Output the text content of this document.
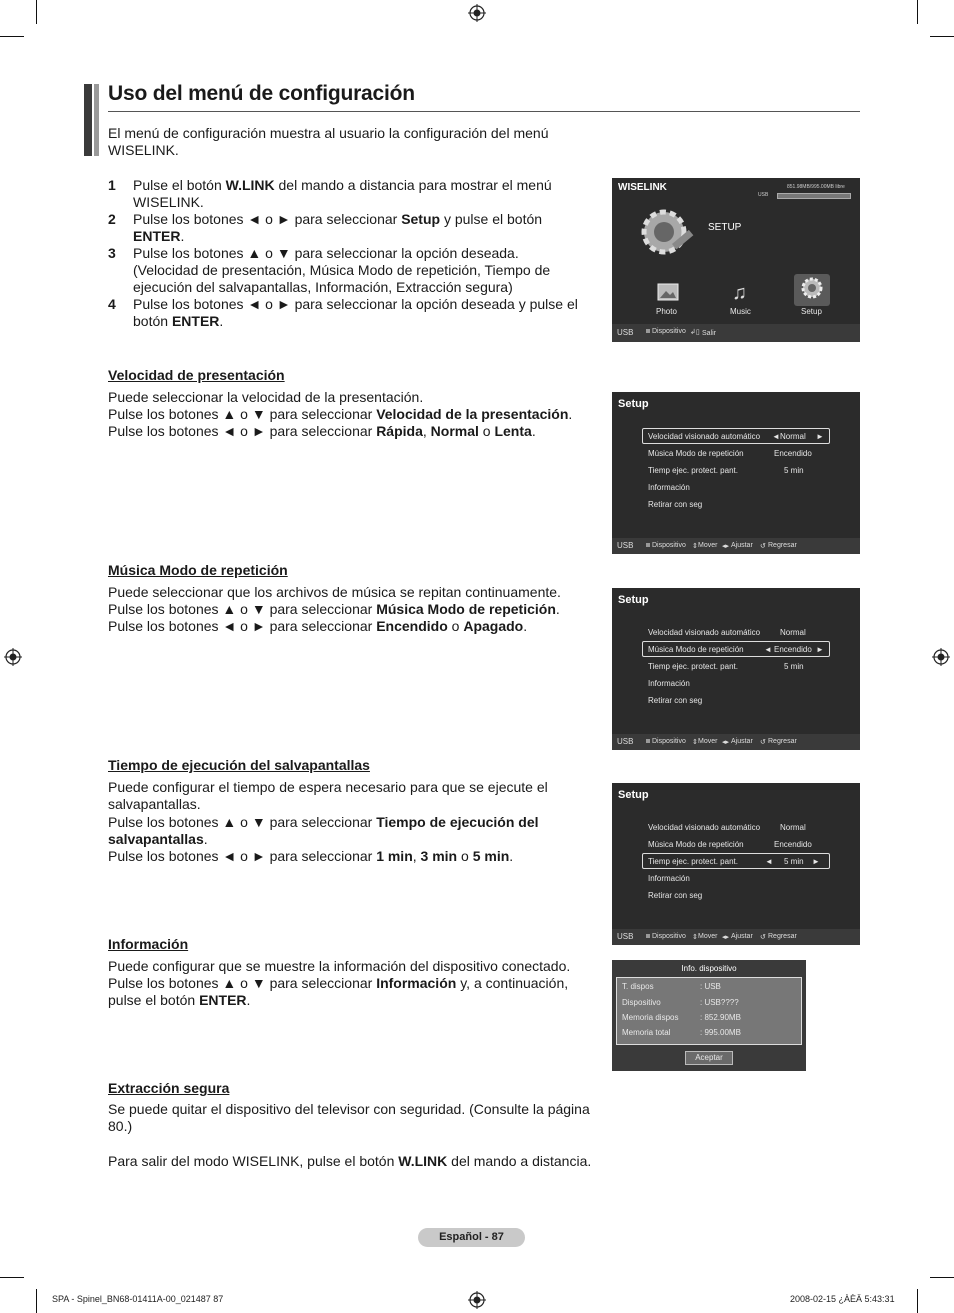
Uso del menú de configuración
El menú de configuración muestra al usuario la configuración del menú WISELINK.
1 Pulse el botón W.LINK del mando a distancia para mostrar el menú WISELINK.
2 Pulse los botones ◄ o ► para seleccionar Setup y pulse el botón ENTER.
3 Pulse los botones ▲ o ▼ para seleccionar la opción deseada. (Velocidad de presentación, Música Modo de repetición, Tiempo de ejecución del salvapantallas, Información, Extracción segura)
4 Pulse los botones ◄ o ► para seleccionar la opción deseada y pulse el botón ENTER.
WISELINK	851.98MB/995.00MB libre
USB
SETUP
Photo
♫
Music	Setup
USB	Dispositivo ↲▯ Salir
Velocidad de presentación
Puede seleccionar la velocidad de la presentación.
Pulse los botones ▲ o ▼ para seleccionar Velocidad de la presentación.
Pulse los botones ◄ o ► para seleccionar Rápida, Normal o Lenta.
Setup
Velocidad visionado automático ◄ Normal ►
Música Modo de repetición	Encendido
Tiemp ejec. protect. pant.	5 min
Información
Retirar con seg
USB	Dispositivo ⇕ Mover ◂▸ Ajustar ↺ Regresar
Música Modo de repetición
Puede seleccionar que los archivos de música se repitan continuamente.
Pulse los botones ▲ o ▼ para seleccionar Música Modo de repetición.
Pulse los botones ◄ o ► para seleccionar Encendido o Apagado.
Setup
Velocidad visionado automático Normal
Música Modo de repetición	◄ Encendido ►
Tiemp ejec. protect. pant.	5 min
Información
Retirar con seg
USB	Dispositivo ⇕ Mover ◂▸ Ajustar ↺ Regresar
Tiempo de ejecución del salvapantallas
Puede configurar el tiempo de espera necesario para que se ejecute el salvapantallas.
Pulse los botones ▲ o ▼ para seleccionar Tiempo de ejecución del salvapantallas.
Pulse los botones ◄ o ► para seleccionar 1 min, 3 min o 5 min.
Setup
Velocidad visionado automático Normal
Música Modo de repetición	Encendido
Tiemp ejec. protect. pant.	◄ 5 min ►
Información
Retirar con seg
USB	Dispositivo ⇕ Mover ◂▸ Ajustar ↺ Regresar
Información
Puede configurar que se muestre la información del dispositivo conectado.
Pulse los botones ▲ o ▼ para seleccionar Información y, a continuación, pulse el botón ENTER.
Info. dispositivo
T. dispos	: USB
Dispositivo	: USB????
Memoria dispos	: 852.90MB
Memoria total	: 995.00MB
Aceptar
Extracción segura
Se puede quitar el dispositivo del televisor con seguridad. (Consulte la página 80.)
Para salir del modo WISELINK, pulse el botón W.LINK del mando a distancia.
Español - 87
SPA - Spinel_BN68-01411A-00_021487 87	2008-02-15 ¿ÀÈÄ 5:43:31
